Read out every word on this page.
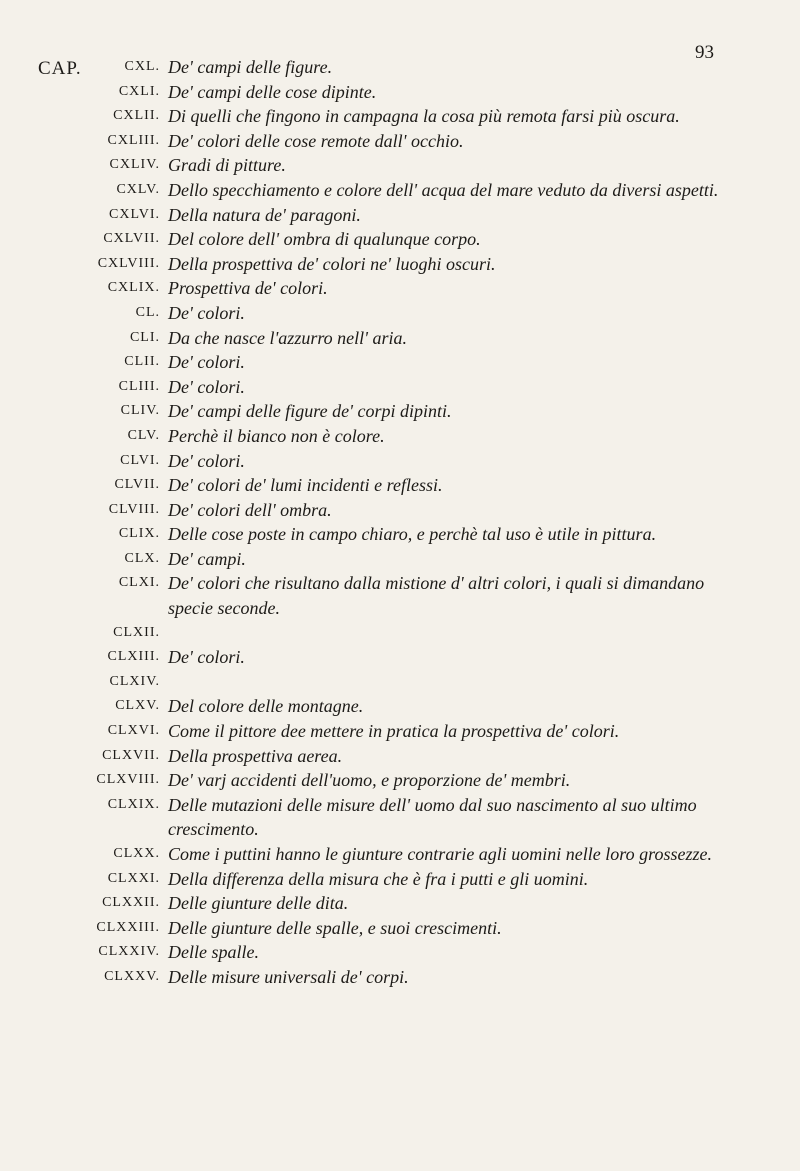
93
CAP.	CXL. De' campi delle figure.
CXLI. De' campi delle cose dipinte.
CXLII. Di quelli che fingono in campagna la cosa più remota farsi più oscura.
CXLIII. De' colori delle cose remote dall' occhio.
CXLIV. Gradi di pitture.
CXLV. Dello specchiamento e colore dell' acqua del mare veduto da diversi aspetti.
CXLVI. Della natura de' paragoni.
CXLVII. Del colore dell' ombra di qualunque corpo.
CXLVIII. Della prospettiva de' colori ne' luoghi oscuri.
CXLIX. Prospettiva de' colori.
CL. De' colori.
CLI. Da che nasce l'azzurro nell' aria.
CLII. De' colori.
CLIII. De' colori.
CLIV. De' campi delle figure de' corpi dipinti.
CLV. Perchè il bianco non è colore.
CLVI. De' colori.
CLVII. De' colori de' lumi incidenti e reflessi.
CLVIII. De' colori dell' ombra.
CLIX. Delle cose poste in campo chiaro, e perchè tal uso è utile in pittura.
CLX. De' campi.
CLXI. De' colori che risultano dalla mistione d' altri colori, i quali si dimandano specie seconde.
CLXII.
CLXIII. De' colori.
CLXIV.
CLXV. Del colore delle montagne.
CLXVI. Come il pittore dee mettere in pratica la prospettiva de' colori.
CLXVII. Della prospettiva aerea.
CLXVIII. De' varj accidenti dell'uomo, e proporzione de' membri.
CLXIX. Delle mutazioni delle misure dell' uomo dal suo nascimento al suo ultimo crescimento.
CLXX. Come i puttini hanno le giunture contrarie agli uomini nelle loro grossezze.
CLXXI. Della differenza della misura che è fra i putti e gli uomini.
CLXXII. Delle giunture delle dita.
CLXXIII. Delle giunture delle spalle, e suoi crescimenti.
CLXXIV. Delle spalle.
CLXXV. Delle misure universali de' corpi.
